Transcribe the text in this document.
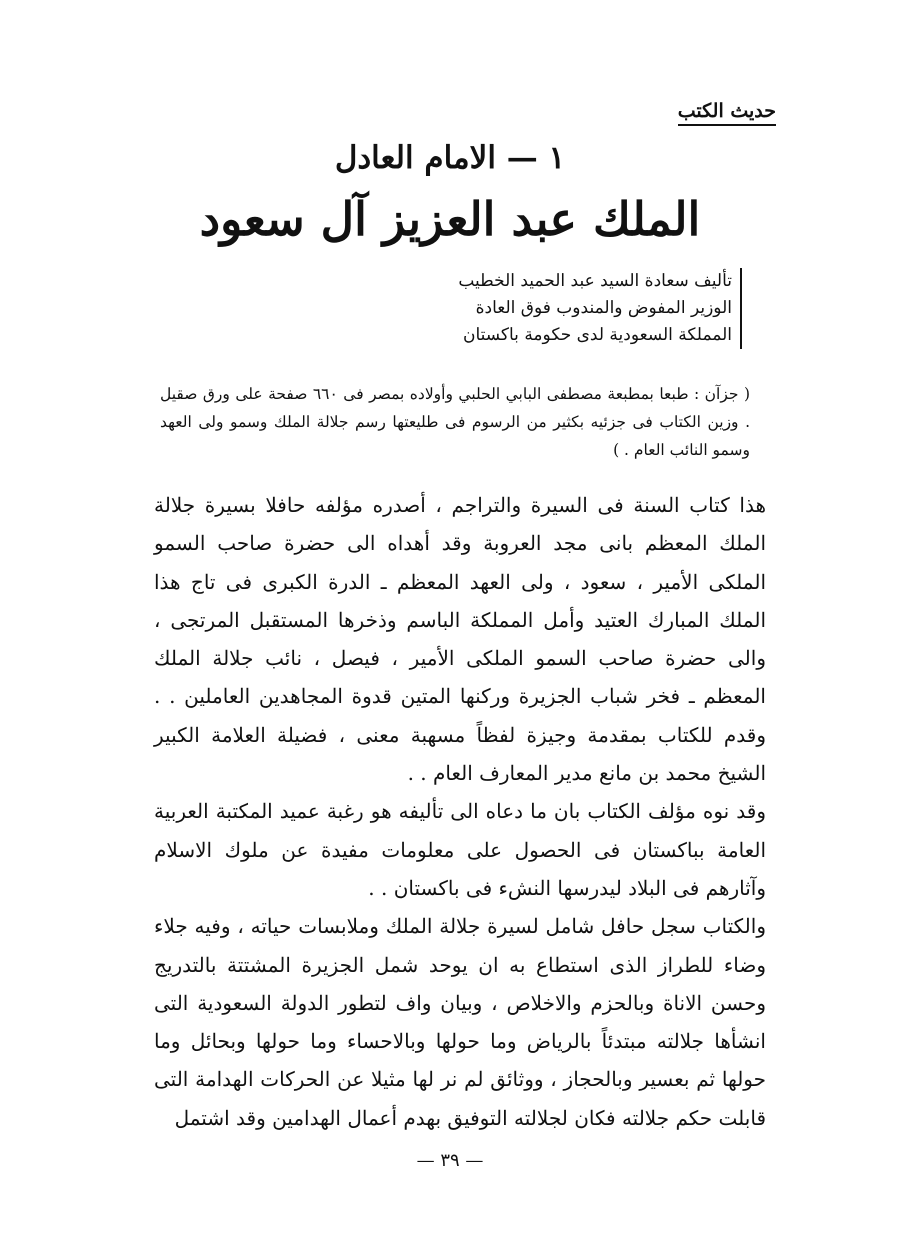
حديث الكتب
١ — الامام العادل
الملك عبد العزيز آل سعود
تأليف سعادة السيد عبد الحميد الخطيب
الوزير المفوض والمندوب فوق العادة
المملكة السعودية لدى حكومة باكستان

( جزآن : طبعا بمطبعة مصطفى البابي الحلبي وأولاده بمصر فى ٦٦٠ صفحة على ورق صقيل . وزين الكتاب فى جزئيه بكثير من الرسوم فى طليعتها رسم جلالة الملك وسمو ولى العهد وسمو النائب العام . )

هذا كتاب السنة فى السيرة والتراجم ، أصدره مؤلفه حافلا بسيرة جلالة الملك المعظم بانى مجد العروبة وقد أهداه الى حضرة صاحب السمو الملكى الأمير ، سعود ، ولى العهد المعظم ـ الدرة الكبرى فى تاج هذا الملك المبارك العتيد وأمل المملكة الباسم وذخرها المستقبل المرتجى ، والى حضرة صاحب السمو الملكى الأمير ، فيصل ، نائب جلالة الملك المعظم ـ فخر شباب الجزيرة وركنها المتين قدوة المجاهدين العاملين . . وقدم للكتاب بمقدمة وجيزة لفظاً مسهبة معنى ، فضيلة العلامة الكبير الشيخ محمد بن مانع مدير المعارف العام . .

وقد نوه مؤلف الكتاب بان ما دعاه الى تأليفه هو رغبة عميد المكتبة العربية العامة بباكستان فى الحصول على معلومات مفيدة عن ملوك الاسلام وآثارهم فى البلاد ليدرسها النشء فى باكستان . .

والكتاب سجل حافل شامل لسيرة جلالة الملك وملابسات حياته ، وفيه جلاء وضاء للطراز الذى استطاع به ان يوحد شمل الجزيرة المشتتة بالتدريج وحسن الاناة وبالحزم والاخلاص ، وبيان واف لتطور الدولة السعودية التى انشأها جلالته مبتدئاً بالرياض وما حولها وبالاحساء وما حولها وبحائل وما حولها ثم بعسير وبالحجاز ، ووثائق لم نر لها مثيلا عن الحركات الهدامة التى قابلت حكم جلالته فكان لجلالته التوفيق بهدم أعمال الهدامين وقد اشتمل

— ٣٩ —
